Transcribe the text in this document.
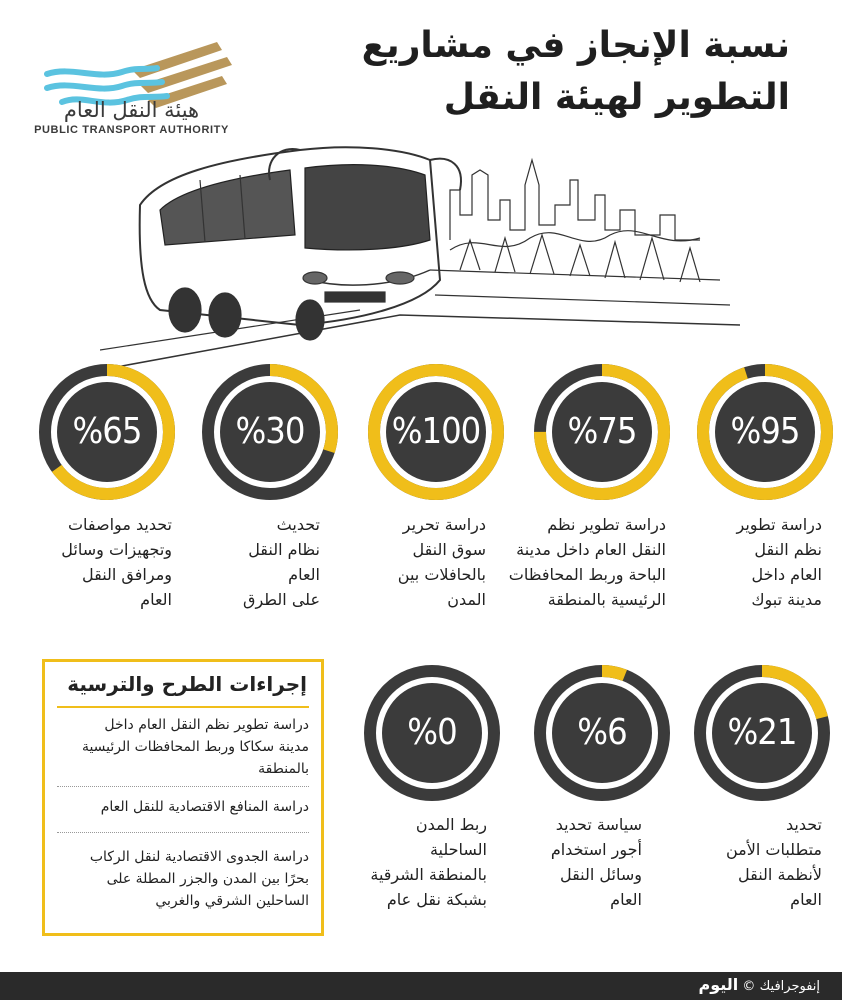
نسبة الإنجاز في مشاريع
التطوير لهيئة النقل
هيئة النقل العام
PUBLIC TRANSPORT AUTHORITY
%95
%75
%100
%30
%65
دراسة تطوير
نظم النقل
العام داخل
مدينة تبوك
دراسة تطوير نظم
النقل العام داخل مدينة
الباحة وربط المحافظات
الرئيسية بالمنطقة
دراسة تحرير
سوق النقل
بالحافلات بين
المدن
تحديث
نظام النقل
العام
على الطرق
تحديد مواصفات
وتجهيزات وسائل
ومرافق النقل
العام
%21
%6
%0
تحديد
متطلبات الأمن
لأنظمة النقل
العام
سياسة تحديد
أجور استخدام
وسائل النقل
العام
ربط المدن
الساحلية
بالمنطقة الشرقية
بشبكة نقل عام
إجراءات الطرح والترسية
دراسة تطوير نظم النقل العام داخل
مدينة سكاكا وربط المحافظات الرئيسية
بالمنطقة
دراسة المنافع الاقتصادية للنقل العام
دراسة الجدوى الاقتصادية لنقل الركاب
بحرًا بين المدن والجزر المطلة على
الساحلين الشرقي والغربي
إنفوجرافيك © اليوم
